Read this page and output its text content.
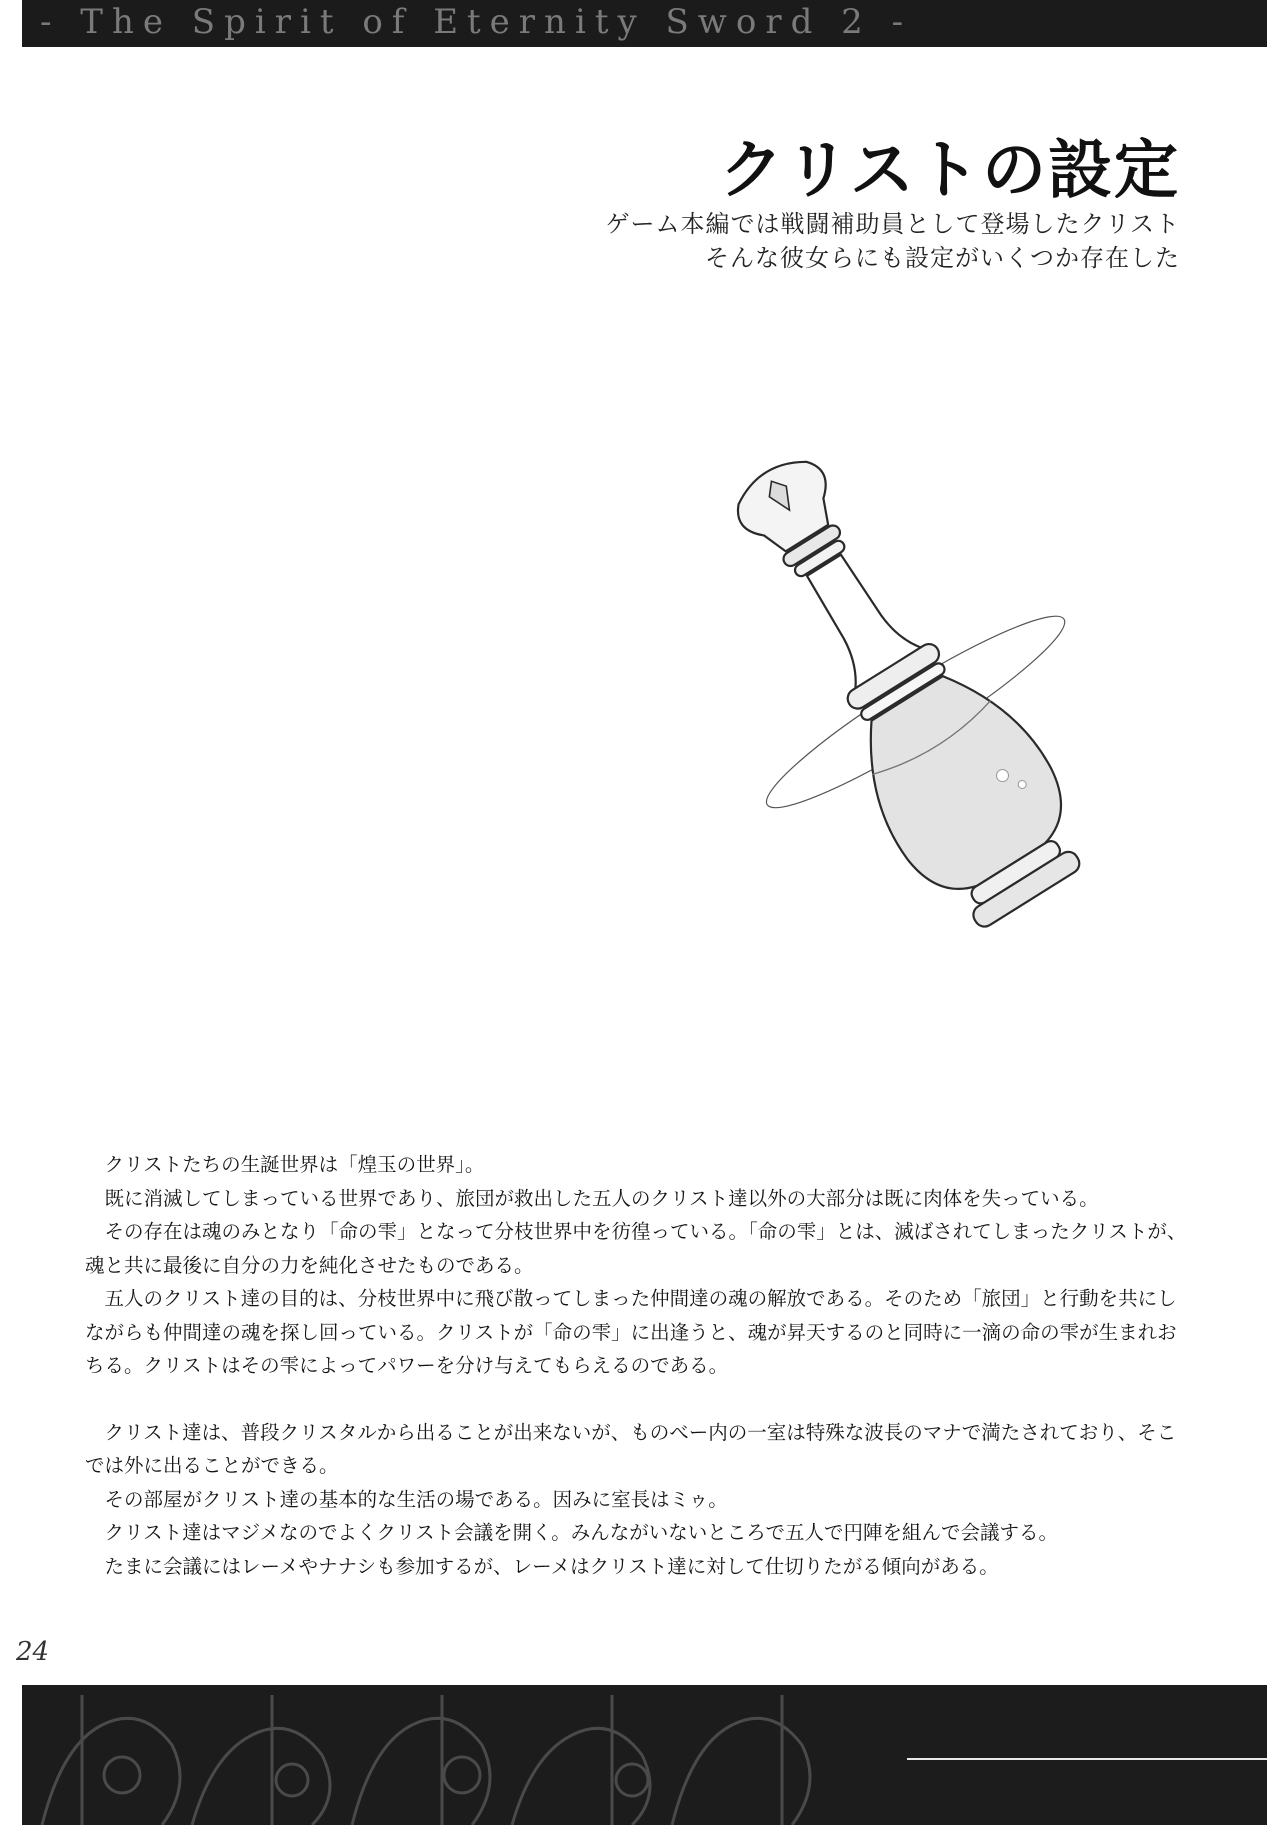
- The Spirit of Eternity Sword 2 -
クリストの設定
ゲーム本編では戦闘補助員として登場したクリスト
そんな彼女らにも設定がいくつか存在した

クリストたちの生誕世界は「煌玉の世界」。

既に消滅してしまっている世界であり、旅団が救出した五人のクリスト達以外の大部分は既に肉体を失っている。

その存在は魂のみとなり「命の雫」となって分枝世界中を彷徨っている。「命の雫」とは、滅ばされてしまったクリストが、魂と共に最後に自分の力を純化させたものである。

五人のクリスト達の目的は、分枝世界中に飛び散ってしまった仲間達の魂の解放である。そのため「旅団」と行動を共にしながらも仲間達の魂を探し回っている。クリストが「命の雫」に出逢うと、魂が昇天するのと同時に一滴の命の雫が生まれおちる。クリストはその雫によってパワーを分け与えてもらえるのである。

クリスト達は、普段クリスタルから出ることが出来ないが、ものべー内の一室は特殊な波長のマナで満たされており、そこでは外に出ることができる。

その部屋がクリスト達の基本的な生活の場である。因みに室長はミゥ。

クリスト達はマジメなのでよくクリスト会議を開く。みんながいないところで五人で円陣を組んで会議する。

たまに会議にはレーメやナナシも参加するが、レーメはクリスト達に対して仕切りたがる傾向がある。

24
